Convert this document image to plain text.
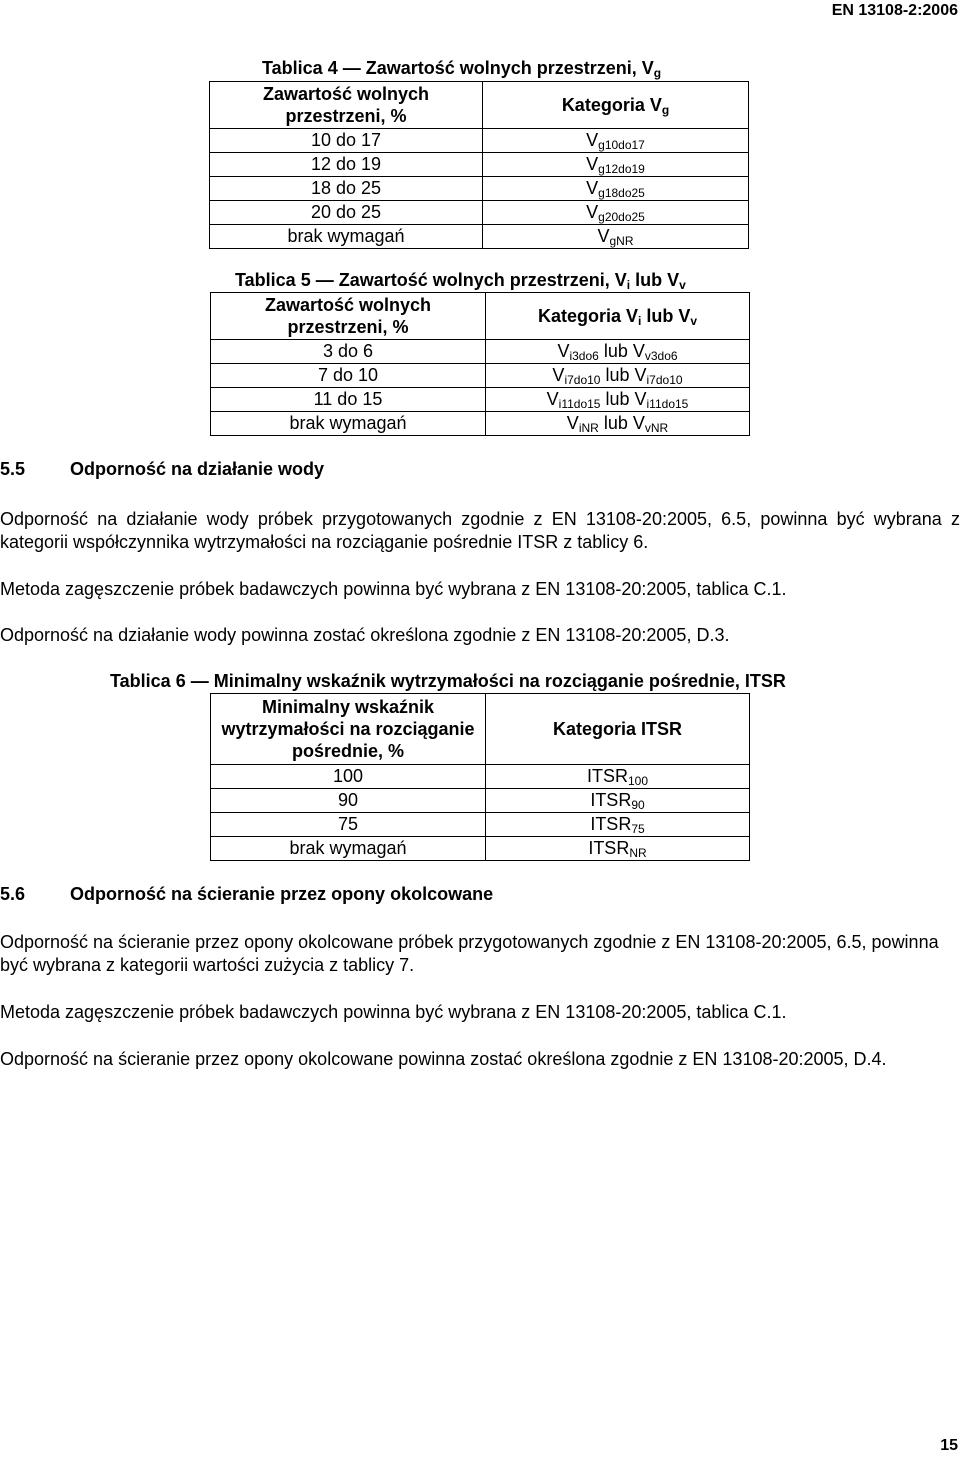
EN 13108-2:2006
Tablica 4 — Zawartość wolnych przestrzeni, $V_g$
Zawartość wolnych przestrzeni, %	Kategoria $V_g$
10 do 17	$V_{g10do17}$
12 do 19	$V_{g12do19}$
18 do 25	$V_{g18do25}$
20 do 25	$V_{g20do25}$
brak wymagań	$V_{gNR}$
Tablica 5 — Zawartość wolnych przestrzeni, $V_i$ lub $V_v$
Zawartość wolnych przestrzeni, %	Kategoria $V_i$ lub $V_v$
3 do 6	$V_{i3do6}$ lub $V_{v3do6}$
7 do 10	$V_{i7do10}$ lub $V_{i7do10}$
11 do 15	$V_{i11do15}$ lub $V_{i11do15}$
brak wymagań	$V_{iNR}$ lub $V_{vNR}$
5.5 Odporność na działanie wody
Odporność na działanie wody próbek przygotowanych zgodnie z EN 13108-20:2005, 6.5, powinna być wybrana z kategorii współczynnika wytrzymałości na rozciąganie pośrednie ITSR z tablicy 6.
Metoda zagęszczenie próbek badawczych powinna być wybrana z EN 13108-20:2005, tablica C.1.
Odporność na działanie wody powinna zostać określona zgodnie z EN 13108-20:2005, D.3.
Tablica 6 — Minimalny wskaźnik wytrzymałości na rozciąganie pośrednie, ITSR
Minimalny wskaźnik wytrzymałości na rozciąganie pośrednie, %	Kategoria ITSR
100	$ITSR_{100}$
90	$ITSR_{90}$
75	$ITSR_{75}$
brak wymagań	$ITSR_{NR}$
5.6 Odporność na ścieranie przez opony okolcowane
Odporność na ścieranie przez opony okolcowane próbek przygotowanych zgodnie z EN 13108-20:2005, 6.5, powinna być wybrana z kategorii wartości zużycia z tablicy 7.
Metoda zagęszczenie próbek badawczych powinna być wybrana z EN 13108-20:2005, tablica C.1.
Odporność na ścieranie przez opony okolcowane powinna zostać określona zgodnie z EN 13108-20:2005, D.4.
15
